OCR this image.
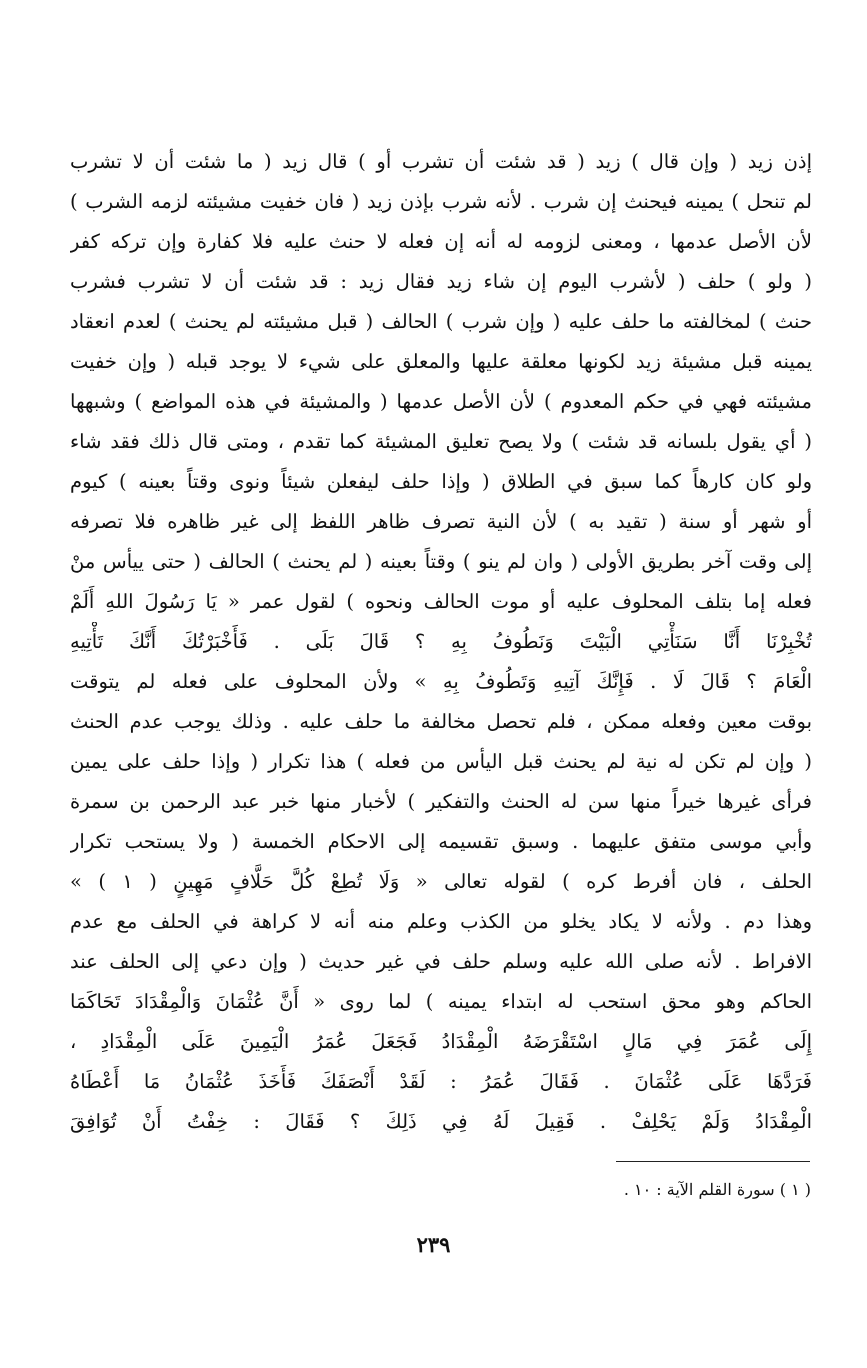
إذن زيد ( وإن قال ) زيد ( قد شئت أن تشرب أو ) قال زيد ( ما شئت أن لا تشرب
لم تنحل ) يمينه فيحنث إن شرب . لأنه شرب بإذن زيد ( فان خفيت مشيئته لزمه الشرب )
لأن الأصل عدمها ، ومعنى لزومه له أنه إن فعله لا حنث عليه فلا كفارة وإن تركه كفر
( ولو ) حلف ( لأشرب اليوم إن شاء زيد فقال زيد : قد شئت أن لا تشرب فشرب
حنث ) لمخالفته ما حلف عليه ( وإن شرب ) الحالف ( قبل مشيئته لم يحنث ) لعدم انعقاد
يمينه قبل مشيئة زيد لكونها معلقة عليها والمعلق على شيء لا يوجد قبله ( وإن خفيت
مشيئته فهي في حكم المعدوم ) لأن الأصل عدمها ( والمشيئة في هذه المواضع ) وشبهها
( أي يقول بلسانه قد شئت ) ولا يصح تعليق المشيئة كما تقدم ، ومتى قال ذلك فقد شاء
ولو كان كارهاً كما سبق في الطلاق ( وإذا حلف ليفعلن شيئاً ونوى وقتاً بعينه ) كيوم
أو شهر أو سنة ( تقيد به ) لأن النية تصرف ظاهر اللفظ إلى غير ظاهره فلا تصرفه
إلى وقت آخر بطريق الأولى ( وان لم ينو ) وقتاً بعينه ( لم يحنث ) الحالف ( حتى ييأس منْ
فعله إما بتلف المحلوف عليه أو موت الحالف ونحوه ) لقول عمر « يَا رَسُولَ اللهِ أَلَمْ
تُخْبِرْنَا أَنَّا سَنَأْتِي الْبَيْتَ وَنَطُوفُ بِهِ ؟ قَالَ بَلَى . فَأَخْبَرْتُكَ أَنَّكَ تَأْتِيهِ
الْعَامَ ؟ قَالَ لَا . فَإِنَّكَ آتِيهِ وَتَطُوفُ بِهِ » ولأن المحلوف على فعله لم يتوقت
بوقت معين وفعله ممكن ، فلم تحصل مخالفة ما حلف عليه . وذلك يوجب عدم الحنث
( وإن لم تكن له نية لم يحنث قبل اليأس من فعله ) هذا تكرار ( وإذا حلف على يمين
فرأى غيرها خيراً منها سن له الحنث والتفكير ) لأخبار منها خبر عبد الرحمن بن سمرة
وأبي موسى متفق عليهما . وسبق تقسيمه إلى الاحكام الخمسة ( ولا يستحب تكرار
الحلف ، فان أفرط كره ) لقوله تعالى « وَلَا تُطِعْ كُلَّ حَلَّافٍ مَهِينٍ ( ١ ) »
وهذا دم . ولأنه لا يكاد يخلو من الكذب وعلم منه أنه لا كراهة في الحلف مع عدم
الافراط . لأنه صلى الله عليه وسلم حلف في غير حديث ( وإن دعي إلى الحلف عند
الحاكم وهو محق استحب له ابتداء يمينه ) لما روى « أَنَّ عُثْمَانَ وَالْمِقْدَادَ تَحَاكَمَا
إِلَى عُمَرَ فِي مَالٍ اسْتَقْرَضَهُ الْمِقْدَادُ فَجَعَلَ عُمَرُ الْيَمِينَ عَلَى الْمِقْدَادِ ،
فَرَدَّهَا عَلَى عُثْمَانَ . فَقَالَ عُمَرُ : لَقَدْ أَنْصَفَكَ فَأَخَذَ عُثْمَانُ مَا أَعْطَاهُ
الْمِقْدَادُ وَلَمْ يَحْلِفْ . فَقِيلَ لَهُ فِي ذَلِكَ ؟ فَقَالَ : خِفْتُ أَنْ تُوَافِقَ
( ١ ) سورة القلم الآية : ١٠ .
٢٣٩
